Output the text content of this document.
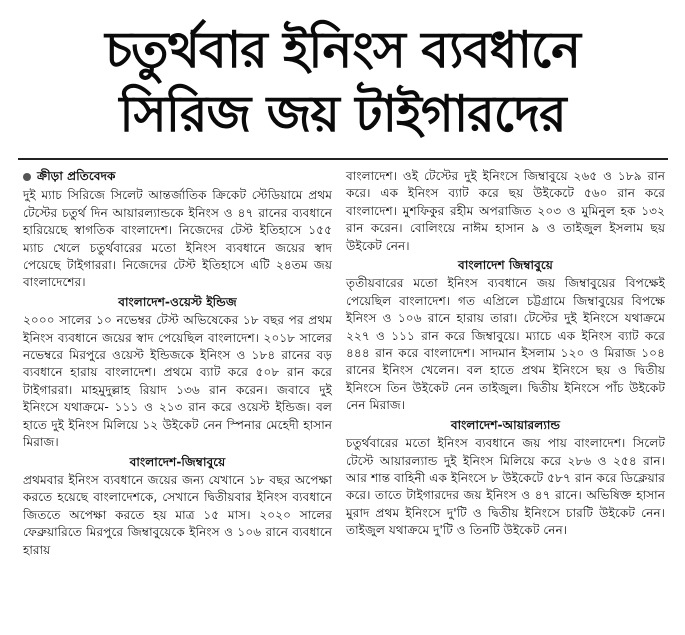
চতুর্থবার ইনিংস ব্যবধানে
সিরিজ জয় টাইগারদের
ক্রীড়া প্রতিবেদক

দুই ম্যাচ সিরিজে সিলেট আন্তর্জাতিক ক্রিকেট স্টেডিয়ামে প্রথম টেস্টের চতুর্থ দিন আয়ারল্যান্ডকে ইনিংস ও ৪৭ রানের ব্যবধানে হারিয়েছে স্বাগতিক বাংলাদেশ। নিজেদের টেস্ট ইতিহাসে ১৫৫ ম্যাচ খেলে চতুর্থবারের মতো ইনিংস ব্যবধানে জয়ের স্বাদ পেয়েছে টাইগাররা। নিজেদের টেস্ট ইতিহাসে এটি ২৪তম জয় বাংলাদেশের।

বাংলাদেশ-ওয়েস্ট ইন্ডিজ

২০০০ সালের ১০ নভেম্বর টেস্ট অভিষেকের ১৮ বছর পর প্রথম ইনিংস ব্যবধানে জয়ের স্বাদ পেয়েছিল বাংলাদেশ। ২০১৮ সালের নভেম্বরে মিরপুরে ওয়েস্ট ইন্ডিজকে ইনিংস ও ১৮৪ রানের বড় ব্যবধানে হারায় বাংলাদেশ। প্রথমে ব্যাট করে ৫০৮ রান করে টাইগাররা। মাহমুদুল্লাহ রিয়াদ ১৩৬ রান করেন। জবাবে দুই ইনিংসে যথাক্রমে- ১১১ ও ২১৩ রান করে ওয়েস্ট ইন্ডিজ। বল হাতে দুই ইনিংস মিলিয়ে ১২ উইকেট নেন স্পিনার মেহেদী হাসান মিরাজ।

বাংলাদেশ-জিম্বাবুয়ে

প্রথমবার ইনিংস ব্যবধানে জয়ের জন্য যেখানে ১৮ বছর অপেক্ষা করতে হয়েছে বাংলাদেশকে, সেখানে দ্বিতীয়বার ইনিংস ব্যবধানে জিততে অপেক্ষা করতে হয় মাত্র ১৫ মাস। ২০২০ সালের ফেব্রুয়ারিতে মিরপুরে জিম্বাবুয়েকে ইনিংস ও ১০৬ রানে ব্যবধানে হারায়

বাংলাদেশ। ওই টেস্টের দুই ইনিংসে জিম্বাবুয়ে ২৬৫ ও ১৮৯ রান করে। এক ইনিংস ব্যাট করে ছয় উইকেটে ৫৬০ রান করে বাংলাদেশ। মুশফিকুর রহীম অপরাজিত ২০৩ ও মুমিনুল হক ১৩২ রান করেন। বোলিংয়ে নাঈম হাসান ৯ ও তাইজুল ইসলাম ছয় উইকেট নেন।

বাংলাদেশ জিম্বাবুয়ে

তৃতীয়বারের মতো ইনিংস ব্যবধানে জয় জিম্বাবুয়ের বিপক্ষেই পেয়েছিল বাংলাদেশ। গত এপ্রিলে চট্টগ্রামে জিম্বাবুয়ের বিপক্ষে ইনিংস ও ১০৬ রানে হারায় তারা। টেস্টের দুই ইনিংসে যথাক্রমে ২২৭ ও ১১১ রান করে জিম্বাবুয়ে। ম্যাচে এক ইনিংস ব্যাট করে ৪৪৪ রান করে বাংলাদেশ। সাদমান ইসলাম ১২০ ও মিরাজ ১০৪ রানের ইনিংস খেলেন। বল হাতে প্রথম ইনিংসে ছয় ও দ্বিতীয় ইনিংসে তিন উইকেট নেন তাইজুল। দ্বিতীয় ইনিংসে পাঁচ উইকেট নেন মিরাজ।

বাংলাদেশ-আয়ারল্যান্ড

চতুর্থবারের মতো ইনিংস ব্যবধানে জয় পায় বাংলাদেশ। সিলেট টেস্টে আয়ারল্যান্ড দুই ইনিংস মিলিয়ে করে ২৮৬ ও ২৫৪ রান। আর শান্ত বাহিনী এক ইনিংসে ৮ উইকেটে ৫৮৭ রান করে ডিক্লেয়ার করে। তাতে টাইগারদের জয় ইনিংস ও ৪৭ রানে। অভিষিক্ত হাসান মুরাদ প্রথম ইনিংসে দু'টি ও দ্বিতীয় ইনিংসে চারটি উইকেট নেন। তাইজুল যথাক্রমে দু'টি ও তিনটি উইকেট নেন।
